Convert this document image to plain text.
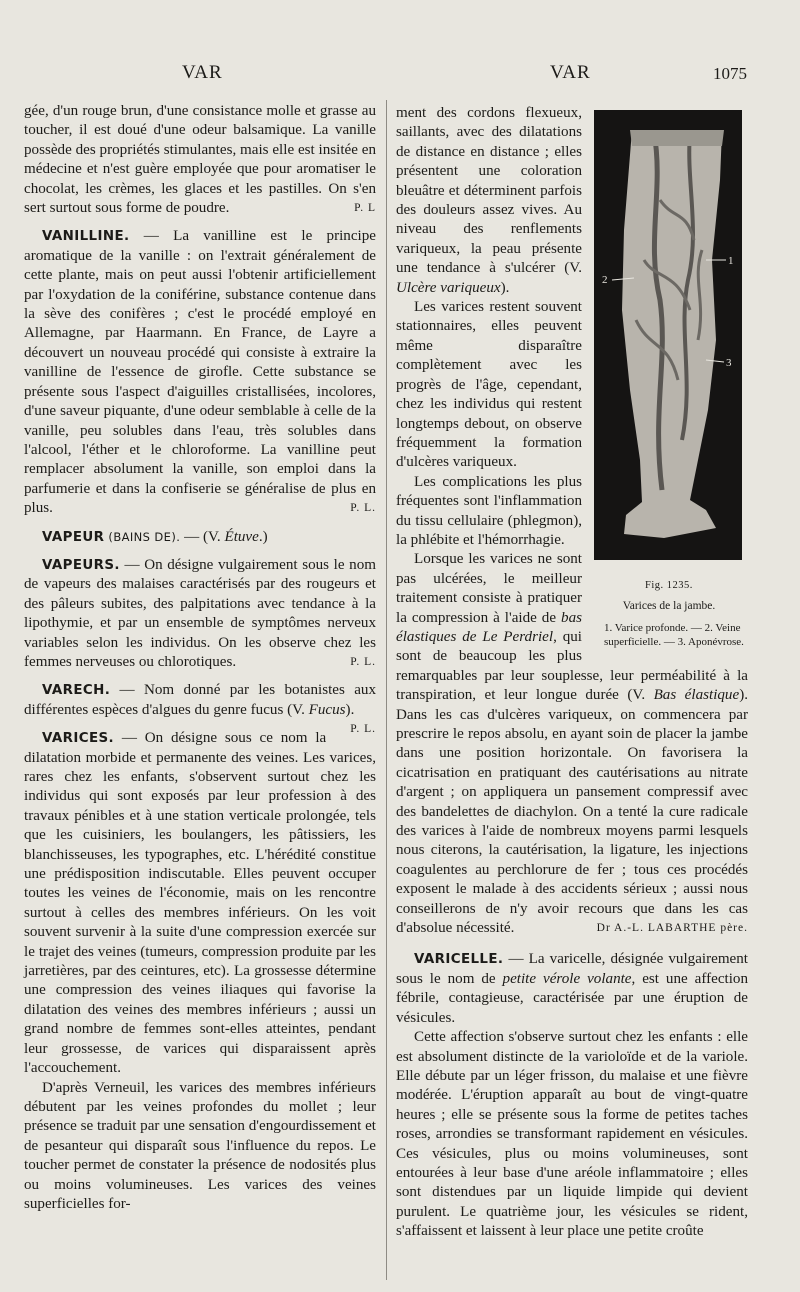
VAR	VAR	1075

gée, d'un rouge brun, d'une consistance molle et grasse au toucher, il est doué d'une odeur balsamique. La vanille possède des propriétés stimulantes, mais elle est insitée en médecine et n'est guère employée que pour aromatiser le chocolat, les crèmes, les glaces et les pastilles. On s'en sert surtout sous forme de poudre.	P. L

VANILLINE. — La vanilline est le principe aromatique de la vanille : on l'extrait généralement de cette plante, mais on peut aussi l'obtenir artificiellement par l'oxydation de la coniférine, substance contenue dans la sève des conifères ; c'est le procédé employé en Allemagne, par Haarmann. En France, de Layre a découvert un nouveau procédé qui consiste à extraire la vanilline de l'essence de girofle. Cette substance se présente sous l'aspect d'aiguilles cristallisées, incolores, d'une saveur piquante, d'une odeur semblable à celle de la vanille, peu solubles dans l'eau, très solubles dans l'alcool, l'éther et le chloroforme. La vanilline peut remplacer absolument la vanille, son emploi dans la parfumerie et dans la confiserie se généralise de plus en plus.	P. L.

VAPEUR (BAINS DE). — (V. Étuve.)

VAPEURS. — On désigne vulgairement sous le nom de vapeurs des malaises caractérisés par des rougeurs et des pâleurs subites, des palpitations avec tendance à la lipothymie, et par un ensemble de symptômes nerveux variables selon les individus. On les observe chez les femmes nerveuses ou chlorotiques.	P. L.

VARECH. — Nom donné par les botanistes aux différentes espèces d'algues du genre fucus (V. Fucus).
P. L.

VARICES. — On désigne sous ce nom la dilatation morbide et permanente des veines. Les varices, rares chez les enfants, s'observent surtout chez les individus qui sont exposés par leur profession à des travaux pénibles et à une station verticale prolongée, tels que les cuisiniers, les boulangers, les pâtissiers, les blanchisseuses, les typographes, etc. L'hérédité constitue une prédisposition indiscutable. Elles peuvent occuper toutes les veines de l'économie, mais on les rencontre surtout à celles des membres inférieurs. On les voit souvent survenir à la suite d'une compression exercée sur le trajet des veines (tumeurs, compression produite par les jarretières, par des ceintures, etc). La grossesse détermine une compression des veines iliaques qui favorise la dilatation des veines des membres inférieurs ; aussi un grand nombre de femmes sont-elles atteintes, pendant leur grossesse, de varices qui disparaissent après l'accouchement.

D'après Verneuil, les varices des membres inférieurs débutent par les veines profondes du mollet ; leur présence se traduit par une sensation d'engourdissement et de pesanteur qui disparaît sous l'influence du repos. Le toucher permet de constater la présence de nodosités plus ou moins volumineuses. Les varices des veines superficielles for-

1
2
3
Fig. 1235.
Varices de la jambe.
1. Varice profonde. — 2. Veine superficielle. — 3. Aponévrose.

ment des cordons flexueux, saillants, avec des dilatations de distance en distance ; elles présentent une coloration bleuâtre et déterminent parfois des douleurs assez vives. Au niveau des renflements variqueux, la peau présente une tendance à s'ulcérer (V. Ulcère variqueux).

Les varices restent souvent stationnaires, elles peuvent même disparaître complètement avec les progrès de l'âge, cependant, chez les individus qui restent longtemps debout, on observe fréquemment la formation d'ulcères variqueux.

Les complications les plus fréquentes sont l'inflammation du tissu cellulaire (phlegmon), la phlébite et l'hémorrhagie.

Lorsque les varices ne sont pas ulcérées, le meilleur traitement consiste à pratiquer la compression à l'aide de bas élastiques de Le Perdriel, qui sont de beaucoup les plus remarquables par leur souplesse, leur perméabilité à la transpiration, et leur longue durée (V. Bas élastique). Dans les cas d'ulcères variqueux, on commencera par prescrire le repos absolu, en ayant soin de placer la jambe dans une position horizontale. On favorisera la cicatrisation en pratiquant des cautérisations au nitrate d'argent ; on appliquera un pansement compressif avec des bandelettes de diachylon. On a tenté la cure radicale des varices à l'aide de nombreux moyens parmi lesquels nous citerons, la cautérisation, la ligature, les injections coagulentes au perchlorure de fer ; tous ces procédés exposent le malade à des accidents sérieux ; aussi nous conseillerons de n'y avoir recours que dans les cas d'absolue nécessité.	Dr A.-L. LABARTHE père.

VARICELLE. — La varicelle, désignée vulgairement sous le nom de petite vérole volante, est une affection fébrile, contagieuse, caractérisée par une éruption de vésicules.

Cette affection s'observe surtout chez les enfants : elle est absolument distincte de la varioloïde et de la variole. Elle débute par un léger frisson, du malaise et une fièvre modérée. L'éruption apparaît au bout de vingt-quatre heures ; elle se présente sous la forme de petites taches roses, arrondies se transformant rapidement en vésicules. Ces vésicules, plus ou moins volumineuses, sont entourées à leur base d'une aréole inflammatoire ; elles sont distendues par un liquide limpide qui devient purulent. Le quatrième jour, les vésicules se rident, s'affaissent et laissent à leur place une petite croûte
